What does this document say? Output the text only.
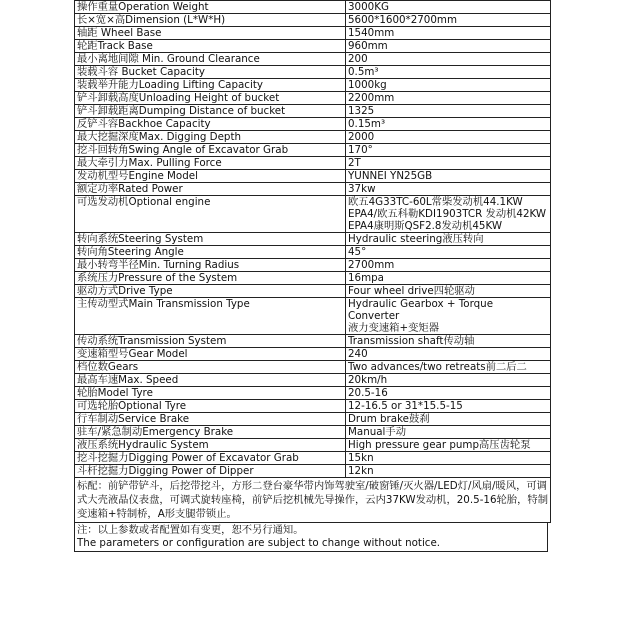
操作重量Operation Weight	3000KG
长×宽×高Dimension (L*W*H)	5600*1600*2700mm
轴距 Wheel Base	1540mm
轮距Track Base	960mm
最小离地间隙 Min. Ground Clearance	200
装载斗容 Bucket Capacity	0.5m³
装载举升能力Loading Lifting Capacity	1000kg
铲斗卸载高度Unloading Height of bucket	2200mm
铲斗卸载距离Dumping Distance of bucket	1325
反铲斗容Backhoe Capacity	0.15m³
最大挖掘深度Max. Digging Depth	2000
挖斗回转角Swing Angle of Excavator Grab	170°
最大牵引力Max. Pulling Force	2T
发动机型号Engine Model	YUNNEI YN25GB
额定功率Rated Power	37kw
可选发动机Optional engine	欧五4G33TC-60L常柴发动机44.1KW
EPA4/欧五科勒KDI1903TCR 发动机42KW
EPA4康明斯QSF2.8发动机45KW

转向系统Steering System	Hydraulic steering液压转向
转向角Steering Angle	45°
最小转弯半径Min. Turning Radius	2700mm
系统压力Pressure of the System	16mpa
驱动方式Drive Type	Four wheel drive四轮驱动
主传动型式Main Transmission Type	Hydraulic Gearbox + Torque
Converter
液力变速箱+变矩器

传动系统Transmission System	Transmission shaft传动轴
变速箱型号Gear Model	240
档位数Gears	Two advances/two retreats前二后二
最高车速Max. Speed	20km/h
轮胎Model Tyre	20.5-16
可选轮胎Optional Tyre	12-16.5 or 31*15.5-15
行车制动Service Brake	Drum brake鼓刹
驻车/紧急制动Emergency Brake	Manual手动
液压系统Hydraulic System	High pressure gear pump高压齿轮泵
挖斗挖掘力Digging Power of Excavator Grab	15kn
斗杆挖掘力Digging Power of Dipper	12kn
标配：前铲带铲斗，后挖带挖斗，方形二登台豪华带内饰驾驶室/破窗锤/灭火器/LED灯/风扇/暖风，可调式大壳液晶仪表盘，可调式旋转座椅，前铲后挖机械先导操作，云内37KW发动机，20.5-16轮胎，特制变速箱+特制桥，A形支腿带锁止。	
注：以上参数或者配置如有变更，恕不另行通知。
The parameters or configuration are subject to change without notice.
